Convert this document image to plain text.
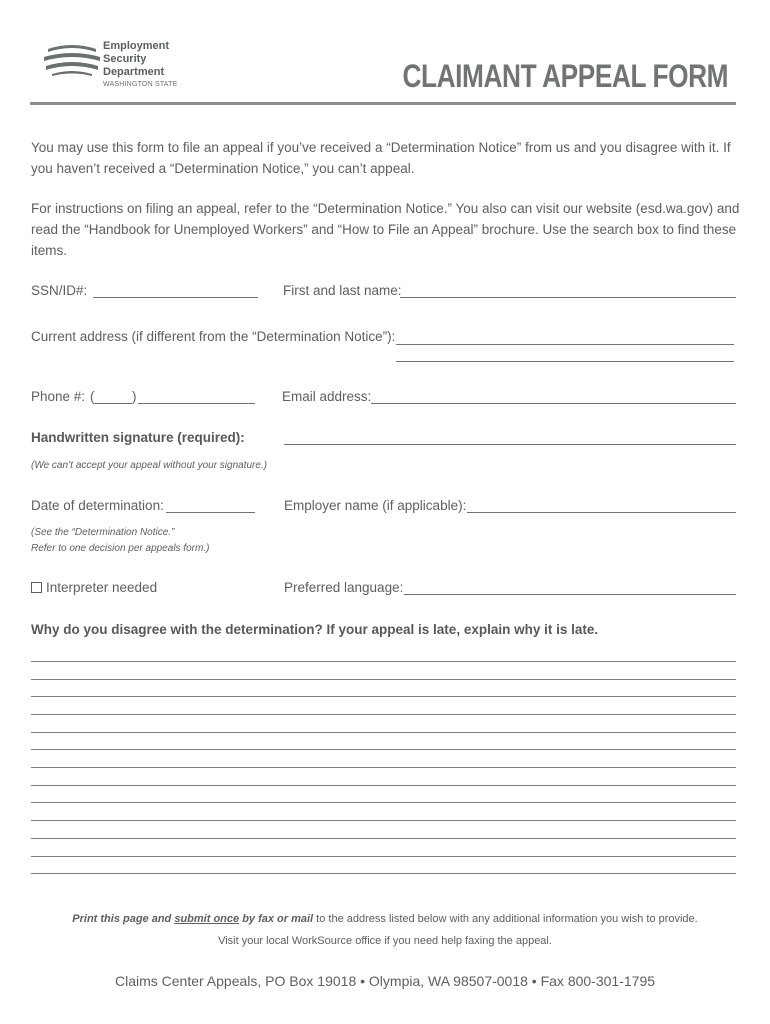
Employment
Security
Department
WASHINGTON STATE	CLAIMANT APPEAL FORM
You may use this form to file an appeal if you’ve received a “Determination Notice” from us and you disagree with it. If you haven’t received a “Determination Notice,” you can’t appeal.
For instructions on filing an appeal, refer to the “Determination Notice.” You also can visit our website (esd.wa.gov) and read the “Handbook for Unemployed Workers” and “How to File an Appeal” brochure. Use the search box to find these items.
SSN/ID#:	First and last name:
Current address (if different from the “Determination Notice”):
Phone #: (_____)	Email address:
Handwritten signature (required):
(We can’t accept your appeal without your signature.)
Date of determination:	Employer name (if applicable):
(See the “Determination Notice.”
Refer to one decision per appeals form.)
Interpreter needed	Preferred language:
Why do you disagree with the determination? If your appeal is late, explain why it is late.
Print this page and submit once by fax or mail to the address listed below with any additional information you wish to provide.
Visit your local WorkSource office if you need help faxing the appeal.
Claims Center Appeals, PO Box 19018 • Olympia, WA 98507-0018 • Fax 800-301-1795
